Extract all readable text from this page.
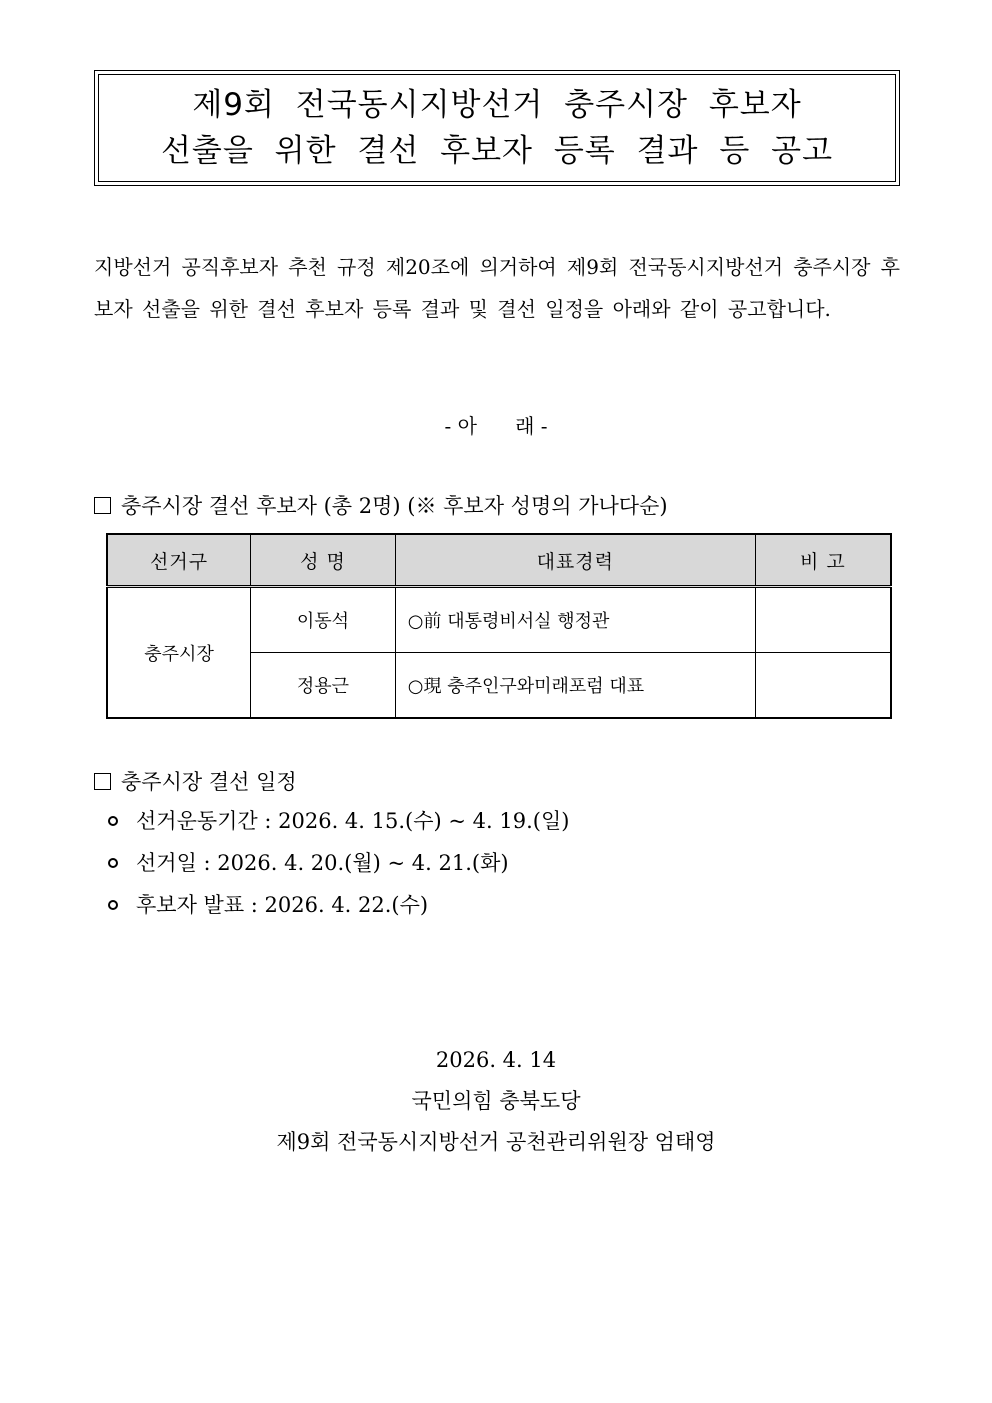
제9회 전국동시지방선거 충주시장 후보자
선출을 위한 결선 후보자 등록 결과 등 공고
지방선거 공직후보자 추천 규정 제20조에 의거하여 제9회 전국동시지방선거 충주시장 후보자 선출을 위한 결선 후보자 등록 결과 및 결선 일정을 아래와 같이 공고합니다.
- 아      래 -
충주시장 결선 후보자 (총 2명) (※ 후보자 성명의 가나다순)
선거구	성 명	대표경력	비 고
충주시장	이동석	○前 대통령비서실 행정관	
	정용근	○現 충주인구와미래포럼 대표	
충주시장 결선 일정
선거운동기간 : 2026. 4. 15.(수) ~ 4. 19.(일)
선거일 : 2026. 4. 20.(월) ~ 4. 21.(화)
후보자 발표 : 2026. 4. 22.(수)
2026. 4. 14
국민의힘 충북도당
제9회 전국동시지방선거 공천관리위원장 엄태영
